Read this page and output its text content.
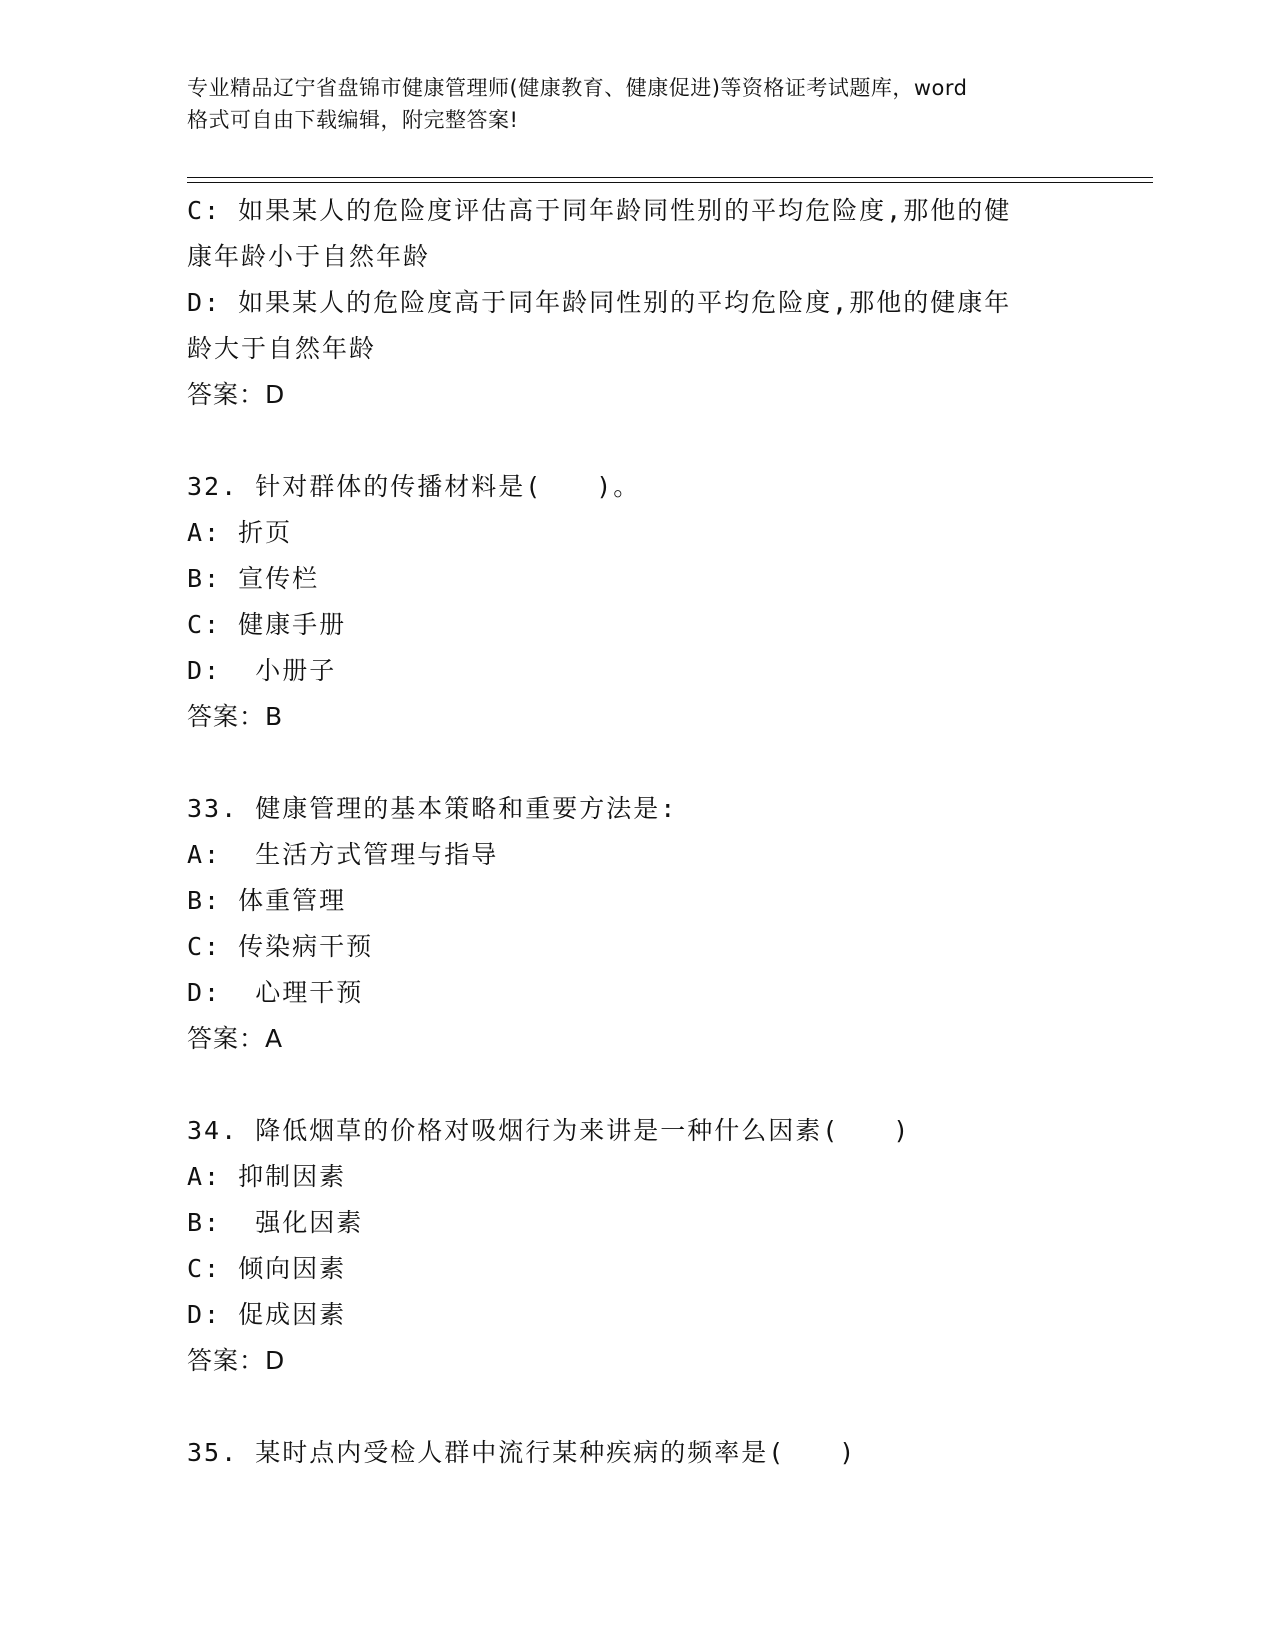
专业精品辽宁省盘锦市健康管理师(健康教育、健康促进)等资格证考试题库，word
格式可自由下载编辑，附完整答案!
C: 如果某人的危险度评估高于同年龄同性别的平均危险度,那他的健
康年龄小于自然年龄
D: 如果某人的危险度高于同年龄同性别的平均危险度,那他的健康年
龄大于自然年龄
答案：D
32. 针对群体的传播材料是(　　)。
A: 折页
B: 宣传栏
C: 健康手册
D:  小册子
答案：B
33. 健康管理的基本策略和重要方法是:
A:  生活方式管理与指导
B: 体重管理
C: 传染病干预
D:  心理干预
答案：A
34. 降低烟草的价格对吸烟行为来讲是一种什么因素(　　)
A: 抑制因素
B:  强化因素
C: 倾向因素
D: 促成因素
答案：D
35. 某时点内受检人群中流行某种疾病的频率是(　　)
